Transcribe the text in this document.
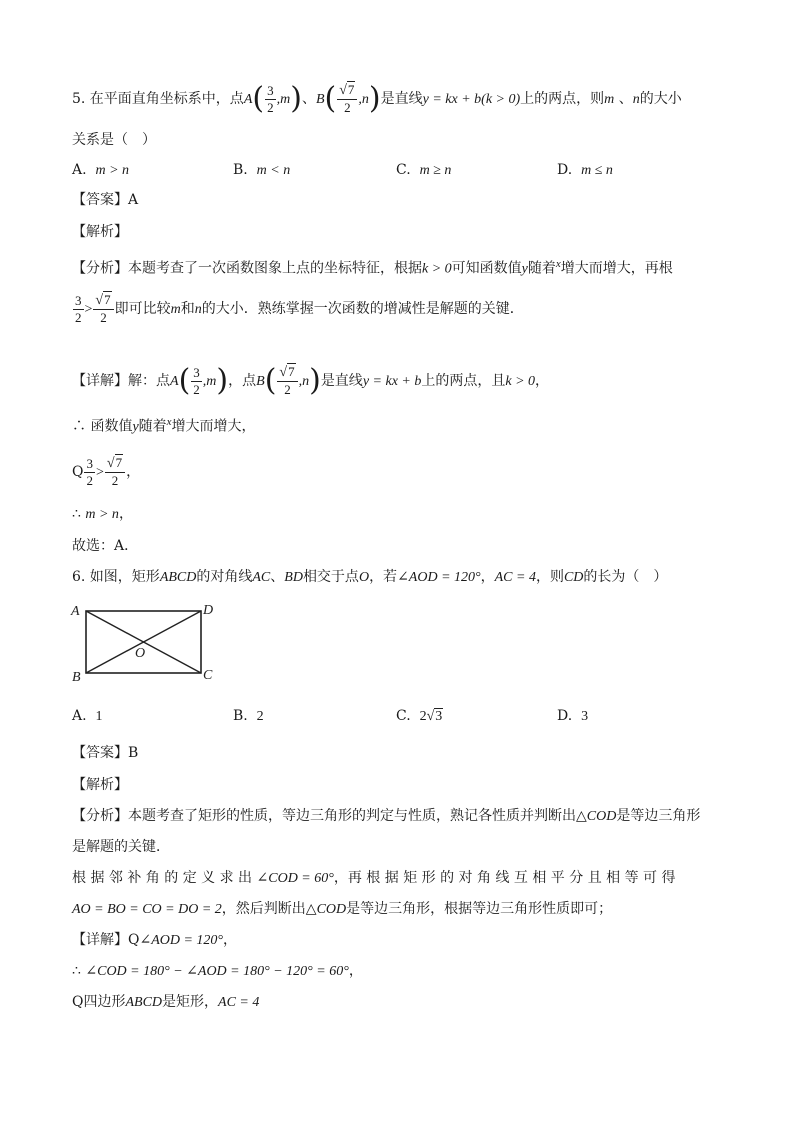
5. 在平面直角坐标系中，点$A( \frac{3}{2} ,m)$、$B( \frac{√7}{2} ,n)$是直线y = kx + b(k > 0)上的两点，则m 、n的大小
关系是（　）
A. m > n	B. m < n	C. m ≥ n	D. m ≤ n
【答案】A
【解析】
【分析】本题考查了一次函数图象上点的坐标特征，根据k > 0可知函数值y随着$^x$增大而增大，再根
$\frac{3}{2} > \frac{√7}{2}$ 即可比较m和n的大小．熟练掌握一次函数的增减性是解题的关键．
【详解】解：点$A( \frac{3}{2} ,m)$，点$B( \frac{√7}{2} ,n)$是直线y = kx + b上的两点，且k > 0，
∴ 函数值y随着$^x$增大而增大，
Q $\frac{3}{2} > \frac{√7}{2}$ ，
∴ m > n，
故选：A．
6. 如图，矩形ABCD的对角线AC、BD相交于点O，若∠AOD = 120°，AC = 4，则CD的长为（　）
A	D
B	C
O
A. 1	B. 2	C. 2√3	D. 3
【答案】B
【解析】
【分析】本题考查了矩形的性质，等边三角形的判定与性质，熟记各性质并判断出△COD是等边三角形
是解题的关键．
根 据 邻 补 角 的 定 义 求 出 ∠COD = 60°，再 根 据 矩 形 的 对 角 线 互 相 平 分 且 相 等 可 得
AO = BO = CO = DO = 2，然后判断出△COD是等边三角形，根据等边三角形性质即可；
【详解】Q∠AOD = 120°，
∴ ∠COD = 180° − ∠AOD = 180° − 120° = 60°，
Q四边形ABCD是矩形，AC = 4
